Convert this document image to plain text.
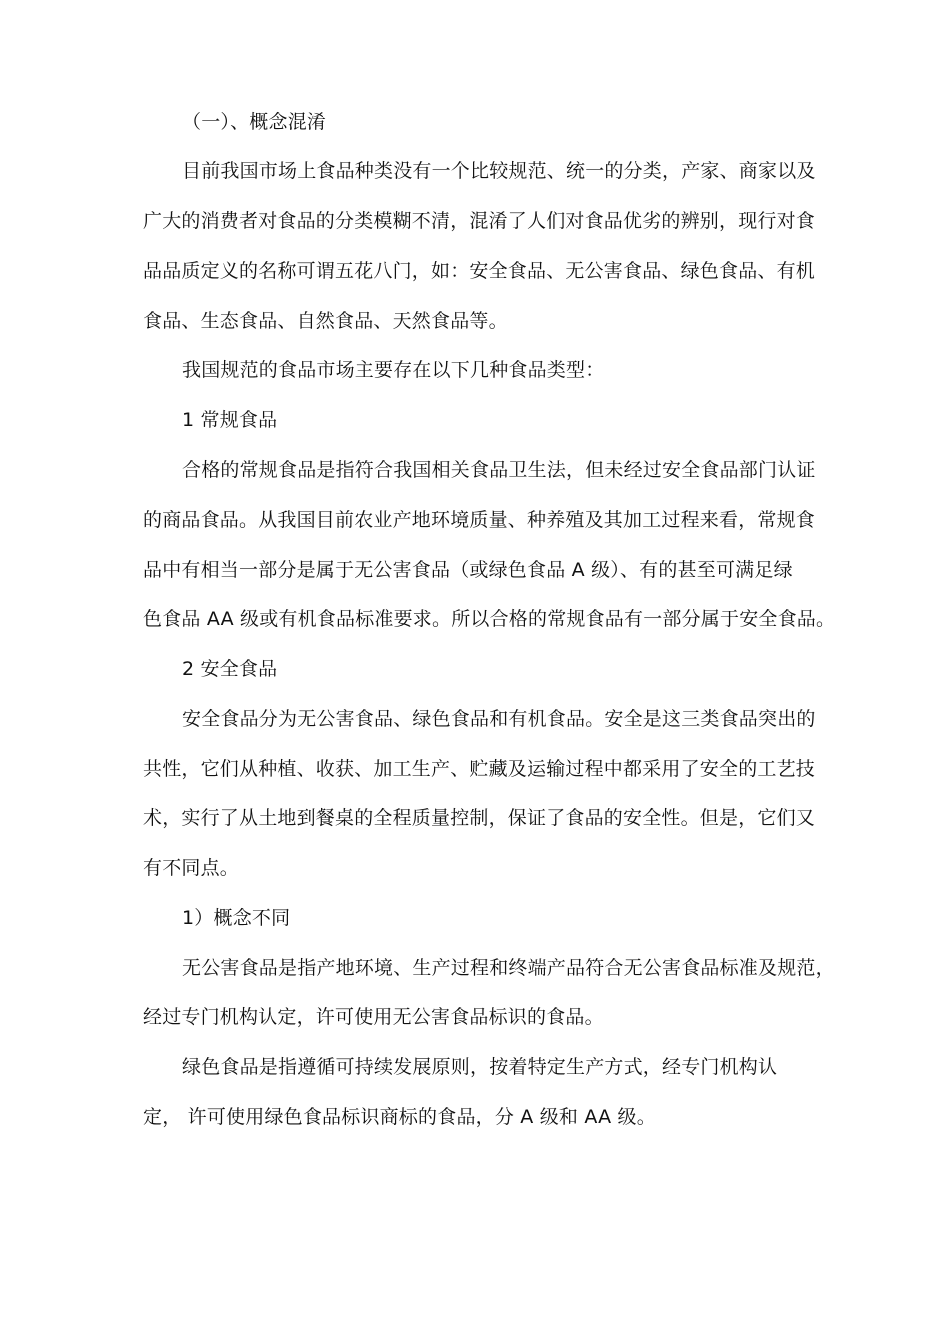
（一）、概念混淆
目前我国市场上食品种类没有一个比较规范、统一的分类，产家、商家以及
广大的消费者对食品的分类模糊不清，混淆了人们对食品优劣的辨别，现行对食
品品质定义的名称可谓五花八门，如：安全食品、无公害食品、绿色食品、有机
食品、生态食品、自然食品、天然食品等。
我国规范的食品市场主要存在以下几种食品类型：
1 常规食品
合格的常规食品是指符合我国相关食品卫生法，但未经过安全食品部门认证
的商品食品。从我国目前农业产地环境质量、种养殖及其加工过程来看，常规食
品中有相当一部分是属于无公害食品（或绿色食品 A 级）、有的甚至可满足绿
色食品 AA 级或有机食品标准要求。所以合格的常规食品有一部分属于安全食品。
2 安全食品
安全食品分为无公害食品、绿色食品和有机食品。安全是这三类食品突出的
共性，它们从种植、收获、加工生产、贮藏及运输过程中都采用了安全的工艺技
术，实行了从土地到餐桌的全程质量控制，保证了食品的安全性。但是，它们又
有不同点。
1）概念不同
无公害食品是指产地环境、生产过程和终端产品符合无公害食品标准及规范，
经过专门机构认定，许可使用无公害食品标识的食品。
绿色食品是指遵循可持续发展原则，按着特定生产方式，经专门机构认
定， 许可使用绿色食品标识商标的食品，分 A 级和 AA 级。
